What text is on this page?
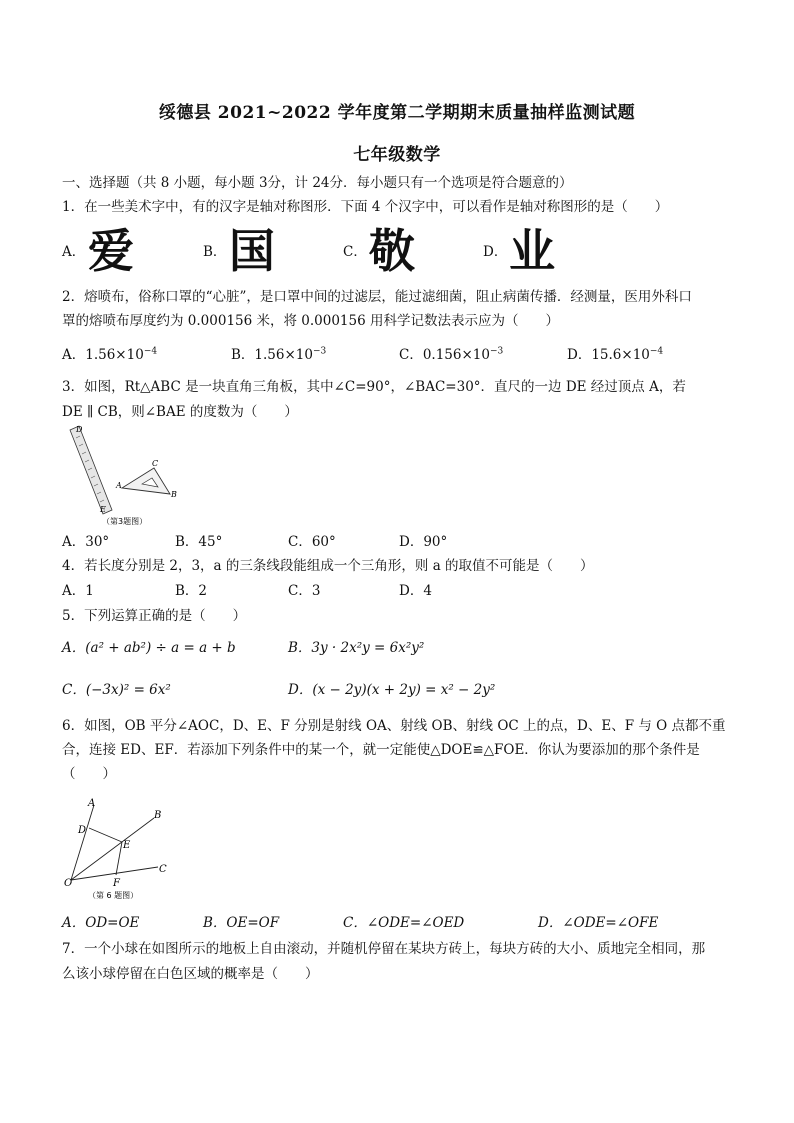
绥德县 2021~2022 学年度第二学期期末质量抽样监测试题
七年级数学
一、选择题（共 8 小题，每小题 3分，计 24分．每小题只有一个选项是符合题意的）
1．在一些美术字中，有的汉字是轴对称图形．下面 4 个汉字中，可以看作是轴对称图形的是（　　）
A． 爱	B． 国	C． 敬	D． 业
2．熔喷布，俗称口罩的“心脏”，是口罩中间的过滤层，能过滤细菌，阻止病菌传播．经测量，医用外科口
罩的熔喷布厚度约为 0.000156 米，将 0.000156 用科学记数法表示应为（　　）
A．$1.56\times 10^{-4}$	B．$1.56\times 10^{-3}$	C．$0.156\times 10^{-3}$	D．$15.6\times 10^{-4}$
3．如图，Rt△ABC 是一块直角三角板，其中∠C=90°，∠BAC=30°．直尺的一边 DE 经过顶点 A，若
DE ∥ CB，则∠BAE 的度数为（　　）
D
C
A
B
E
（第3题图）
A．30°	B．45°	C．60°	D．90°
4．若长度分别是 2，3，a 的三条线段能组成一个三角形，则 a 的取值不可能是（　　）
A．1	B．2	C．3	D．4
5．下列运算正确的是（　　）
A．(a² + ab²) ÷ a = a + b	B．3y · 2x²y = 6x²y²
C．(−3x)² = 6x²	D．(x − 2y)(x + 2y) = x² − 2y²
6．如图，OB 平分∠AOC，D、E、F 分别是射线 OA、射线 OB、射线 OC 上的点，D、E、F 与 O 点都不重
合，连接 ED、EF．若添加下列条件中的某一个，就一定能使△DOE≌△FOE．你认为要添加的那个条件是
（　　）
A
B
D
E
C
O	F
（第 6 题图）
A．OD=OE	B．OE=OF	C．∠ODE=∠OED	D．∠ODE=∠OFE
7．一个小球在如图所示的地板上自由滚动，并随机停留在某块方砖上，每块方砖的大小、质地完全相同，那
么该小球停留在白色区域的概率是（　　）
